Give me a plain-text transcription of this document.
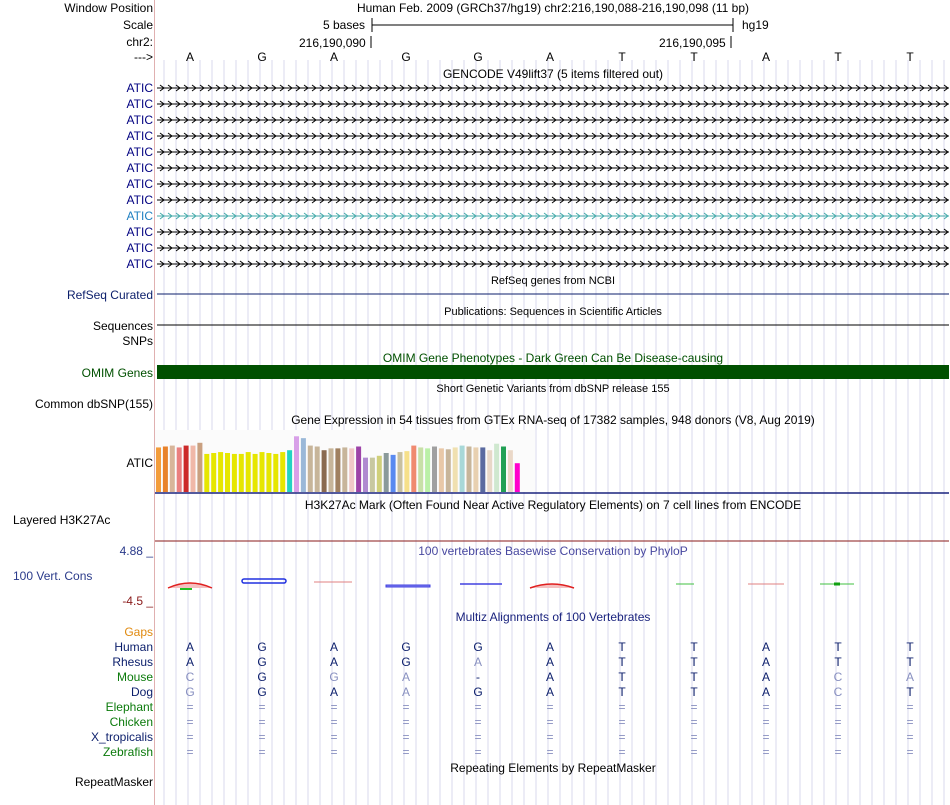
Window Position
Scale
chr2:
--->
Human Feb. 2009 (GRCh37/hg19) chr2:216,190,088-216,190,098 (11 bp)
5 bases	hg19
216,190,090	216,190,095
A	G	A	G	G	A	T	T	A	T	T
GENCODE V49lift37 (5 items filtered out)
ATIC
ATIC
ATIC
ATIC
ATIC
ATIC
ATIC
ATIC
ATIC
ATIC
ATIC
ATIC
RefSeq genes from NCBI
RefSeq Curated
Publications: Sequences in Scientific Articles
Sequences
SNPs
OMIM Gene Phenotypes - Dark Green Can Be Disease-causing
OMIM Genes
Short Genetic Variants from dbSNP release 155
Common dbSNP(155)
Gene Expression in 54 tissues from GTEx RNA-seq of 17382 samples, 948 donors (V8, Aug 2019)
ATIC
H3K27Ac Mark (Often Found Near Active Regulatory Elements) on 7 cell lines from ENCODE
Layered H3K27Ac
100 vertebrates Basewise Conservation by PhyloP
4.88 _
100 Vert. Cons
-4.5 _
Multiz Alignments of 100 Vertebrates
Gaps
Human	A	G	A	G	G	A	T	T	A	T	T
Rhesus	A	G	A	G	A	A	T	T	A	T	T
Mouse	C	G	G	A	-	A	T	T	A	C	A
Dog	G	G	A	A	G	A	T	T	A	C	T
Elephant	=	=	=	=	=	=	=	=	=	=	=
Chicken	=	=	=	=	=	=	=	=	=	=	=
X_tropicalis	=	=	=	=	=	=	=	=	=	=	=
Zebrafish	=	=	=	=	=	=	=	=	=	=	=
Repeating Elements by RepeatMasker
RepeatMasker
